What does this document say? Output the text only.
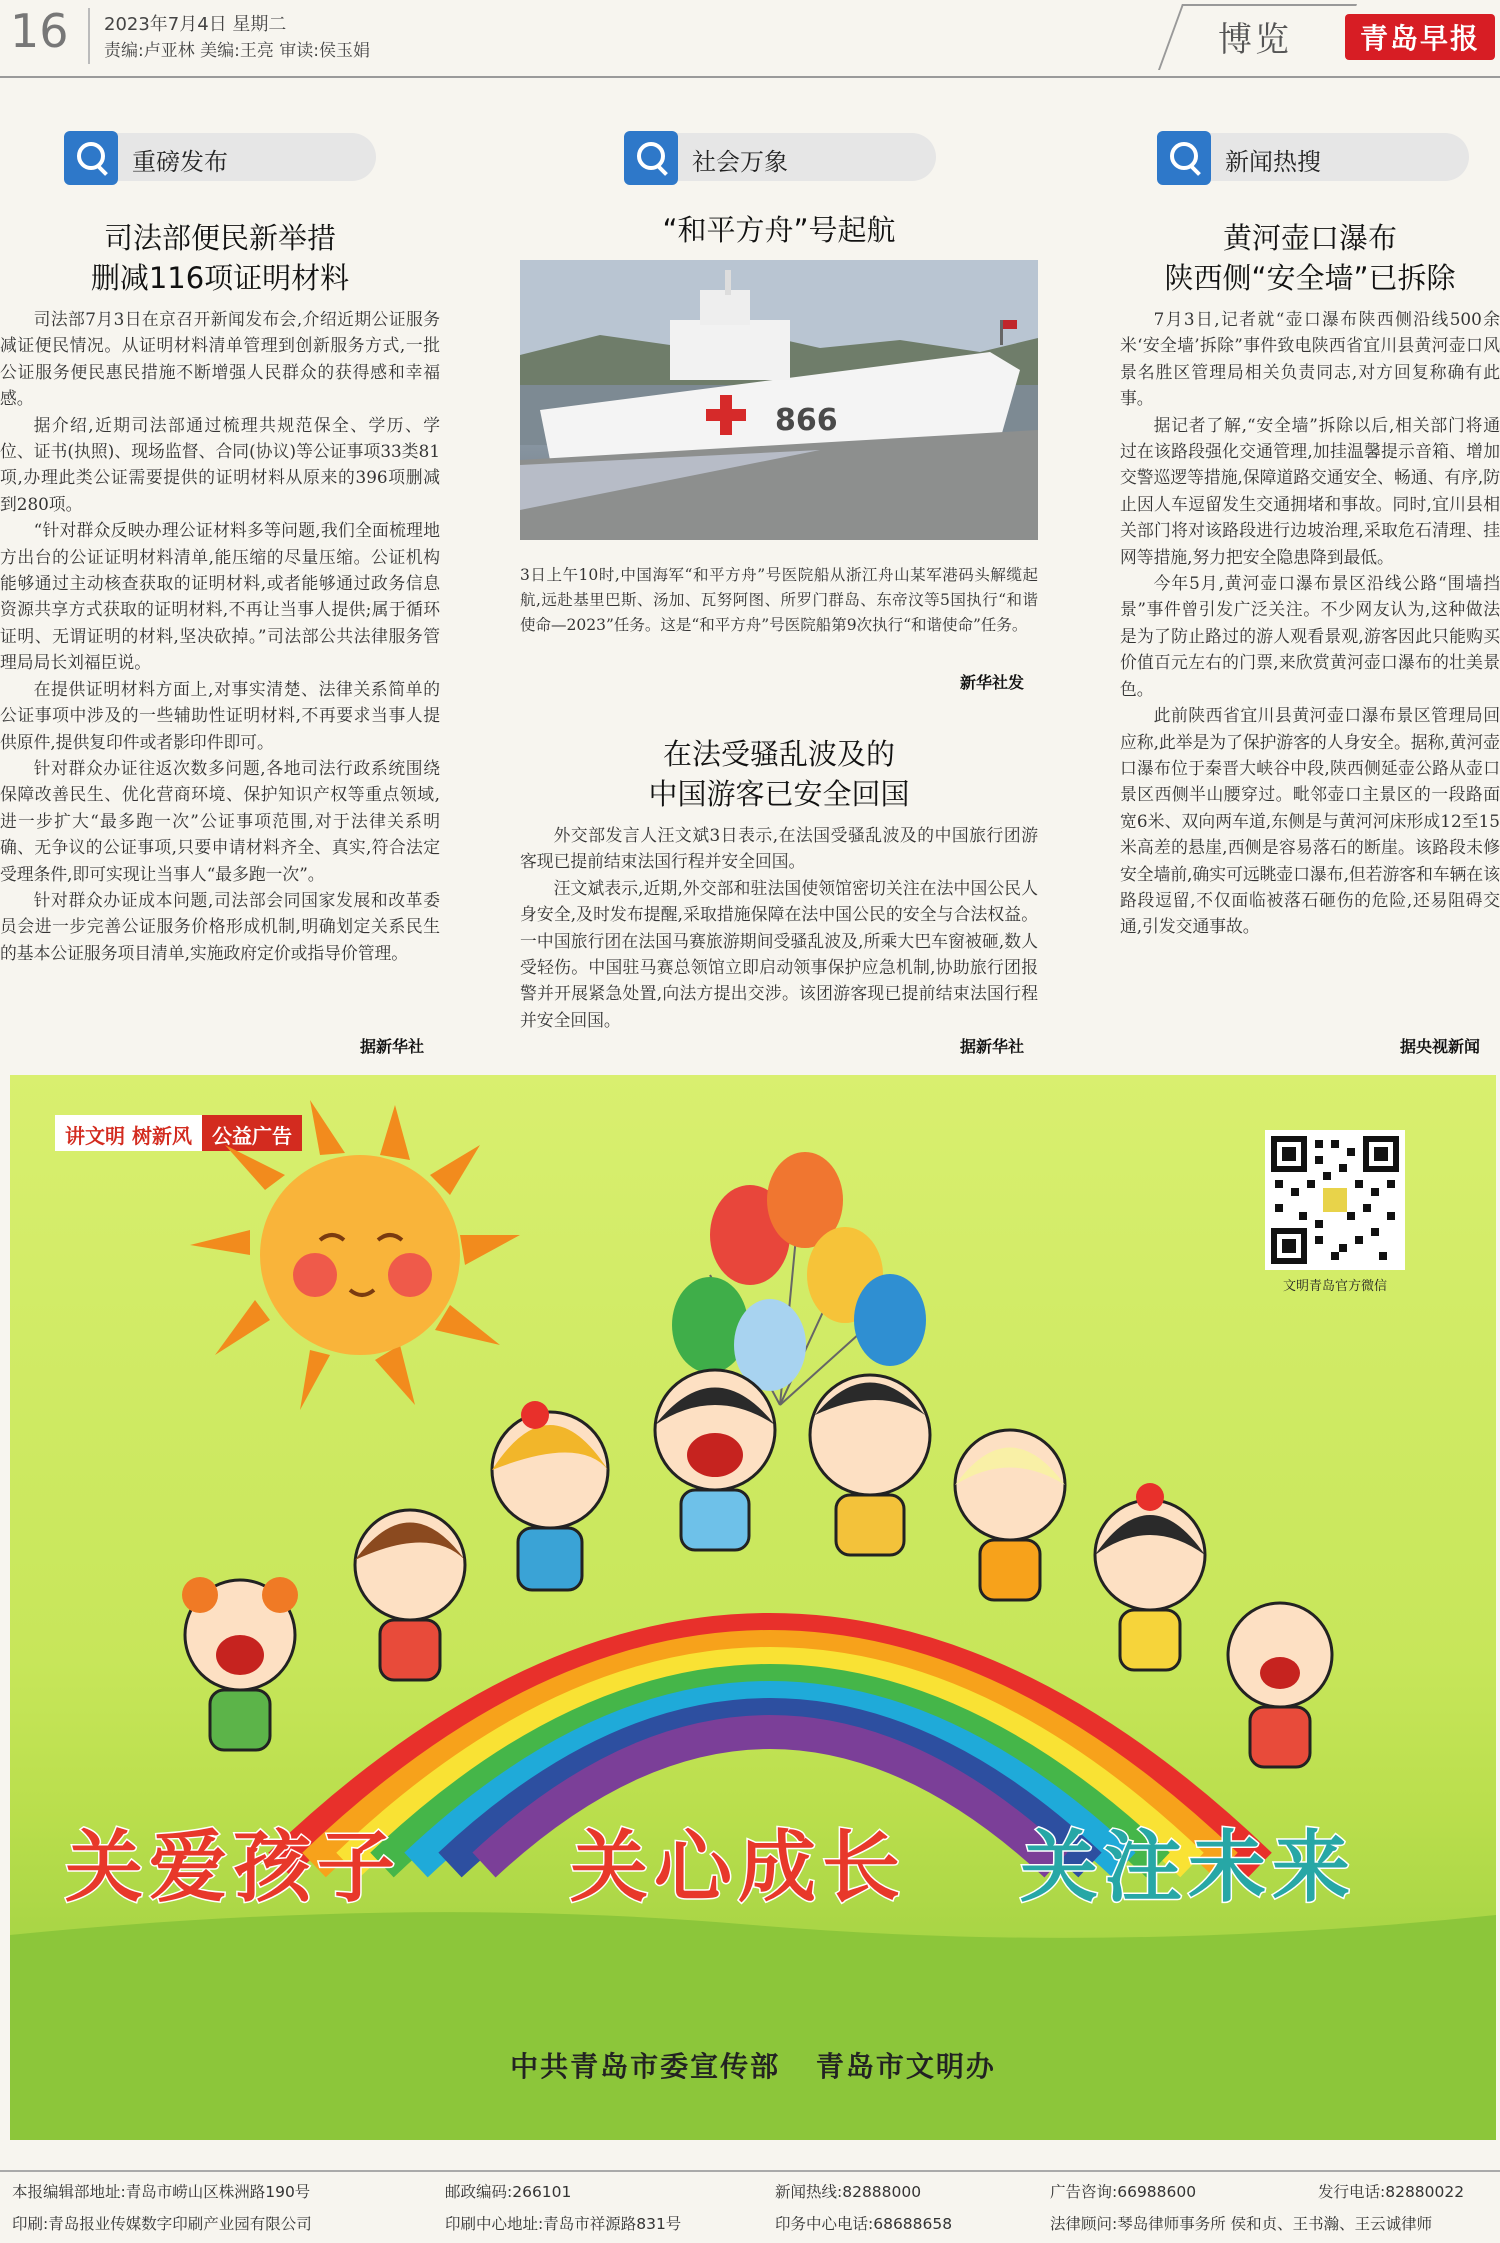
16 2023年7月4日 星期二
责编:卢亚林 美编:王亮 审读:侯玉娟	博览	青岛早报
重磅发布
司法部便民新举措
删减116项证明材料

司法部7月3日在京召开新闻发布会,介绍近期公证服务减证便民情况。从证明材料清单管理到创新服务方式,一批公证服务便民惠民措施不断增强人民群众的获得感和幸福感。

据介绍,近期司法部通过梳理共规范保全、学历、学位、证书(执照)、现场监督、合同(协议)等公证事项33类81项,办理此类公证需要提供的证明材料从原来的396项删减到280项。

“针对群众反映办理公证材料多等问题,我们全面梳理地方出台的公证证明材料清单,能压缩的尽量压缩。公证机构能够通过主动核查获取的证明材料,或者能够通过政务信息资源共享方式获取的证明材料,不再让当事人提供;属于循环证明、无谓证明的材料,坚决砍掉。”司法部公共法律服务管理局局长刘福臣说。

在提供证明材料方面上,对事实清楚、法律关系简单的公证事项中涉及的一些辅助性证明材料,不再要求当事人提供原件,提供复印件或者影印件即可。

针对群众办证往返次数多问题,各地司法行政系统围绕保障改善民生、优化营商环境、保护知识产权等重点领域,进一步扩大“最多跑一次”公证事项范围,对于法律关系明确、无争议的公证事项,只要申请材料齐全、真实,符合法定受理条件,即可实现让当事人“最多跑一次”。

针对群众办证成本问题,司法部会同国家发展和改革委员会进一步完善公证服务价格形成机制,明确划定关系民生的基本公证服务项目清单,实施政府定价或指导价管理。

据新华社
社会万象
“和平方舟”号起航
866
3日上午10时,中国海军“和平方舟”号医院船从浙江舟山某军港码头解缆起航,远赴基里巴斯、汤加、瓦努阿图、所罗门群岛、东帝汶等5国执行“和谐使命—2023”任务。这是“和平方舟”号医院船第9次执行“和谐使命”任务。
新华社发
在法受骚乱波及的
中国游客已安全回国

外交部发言人汪文斌3日表示,在法国受骚乱波及的中国旅行团游客现已提前结束法国行程并安全回国。

汪文斌表示,近期,外交部和驻法国使领馆密切关注在法中国公民人身安全,及时发布提醒,采取措施保障在法中国公民的安全与合法权益。一中国旅行团在法国马赛旅游期间受骚乱波及,所乘大巴车窗被砸,数人受轻伤。中国驻马赛总领馆立即启动领事保护应急机制,协助旅行团报警并开展紧急处置,向法方提出交涉。该团游客现已提前结束法国行程并安全回国。

据新华社
新闻热搜
黄河壶口瀑布
陕西侧“安全墙”已拆除

7月3日,记者就“壶口瀑布陕西侧沿线500余米‘安全墙’拆除”事件致电陕西省宜川县黄河壶口风景名胜区管理局相关负责同志,对方回复称确有此事。

据记者了解,“安全墙”拆除以后,相关部门将通过在该路段强化交通管理,加挂温馨提示音箱、增加交警巡逻等措施,保障道路交通安全、畅通、有序,防止因人车逗留发生交通拥堵和事故。同时,宜川县相关部门将对该路段进行边坡治理,采取危石清理、挂网等措施,努力把安全隐患降到最低。

今年5月,黄河壶口瀑布景区沿线公路“围墙挡景”事件曾引发广泛关注。不少网友认为,这种做法是为了防止路过的游人观看景观,游客因此只能购买价值百元左右的门票,来欣赏黄河壶口瀑布的壮美景色。

此前陕西省宜川县黄河壶口瀑布景区管理局回应称,此举是为了保护游客的人身安全。据称,黄河壶口瀑布位于秦晋大峡谷中段,陕西侧延壶公路从壶口景区西侧半山腰穿过。毗邻壶口主景区的一段路面宽6米、双向两车道,东侧是与黄河河床形成12至15米高差的悬崖,西侧是容易落石的断崖。该路段未修安全墙前,确实可远眺壶口瀑布,但若游客和车辆在该路段逗留,不仅面临被落石砸伤的危险,还易阻碍交通,引发交通事故。

据央视新闻
讲文明 树新风	公益广告
文明青岛官方微信
关爱孩子 关心成长 关注未来
中共青岛市委宣传部 青岛市文明办
本报编辑部地址:青岛市崂山区株洲路190号	邮政编码:266101	新闻热线:82888000	广告咨询:66988600	发行电话:82880022
印刷:青岛报业传媒数字印刷产业园有限公司	印刷中心地址:青岛市祥源路831号	印务中心电话:68688658	法律顾问:琴岛律师事务所 侯和贞、王书瀚、王云诚律师
